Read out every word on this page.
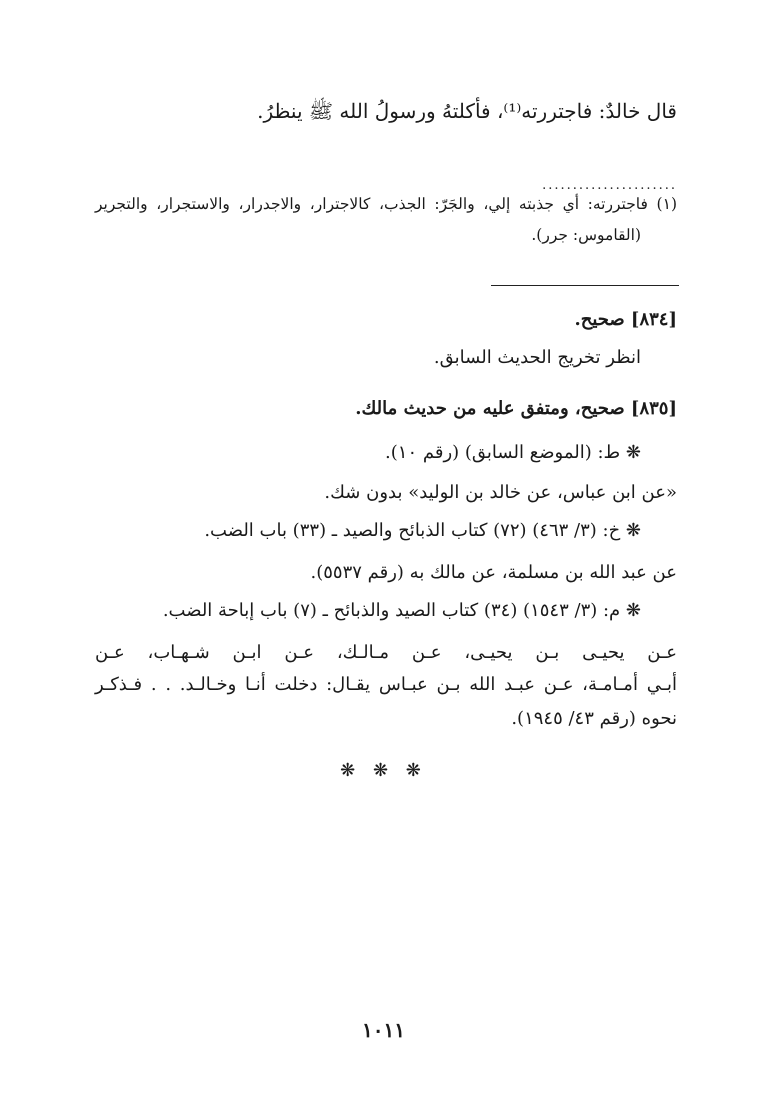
قال خالدٌ: فاجتررته⁽¹⁾، فأكلتهُ ورسولُ الله ﷺ ينظرُ.
......................
(١) فاجتررته: أي جذبته إلي، والجَرّ: الجذب، كالاجترار، والاجدرار، والاستجرار، والتجرير
(القاموس: جرر).
[٨٣٤] صحيح.
انظر تخريج الحديث السابق.
[٨٣٥] صحيح، ومتفق عليه من حديث مالك.
❋ ط: (الموضع السابق) (رقم ١٠).
«عن ابن عباس، عن خالد بن الوليد» بدون شك.
❋ خ: (٣/ ٤٦٣) (٧٢) كتاب الذبائح والصيد ـ (٣٣) باب الضب.
عن عبد الله بن مسلمة، عن مالك به (رقم ٥٥٣٧).
❋ م: (٣/ ١٥٤٣) (٣٤) كتاب الصيد والذبائح ـ (٧) باب إباحة الضب.
عـن يحيـى بـن يحيـى، عـن مـالـك، عـن ابـن شـهـاب، عـن
أبـي أمـامـة، عـن عبـد الله بـن عبـاس يقـال: دخلت أنـا وخـالـد. . . فـذكـر
نحوه (رقم ٤٣/ ١٩٤٥).
❋ ❋ ❋
١٠١١
